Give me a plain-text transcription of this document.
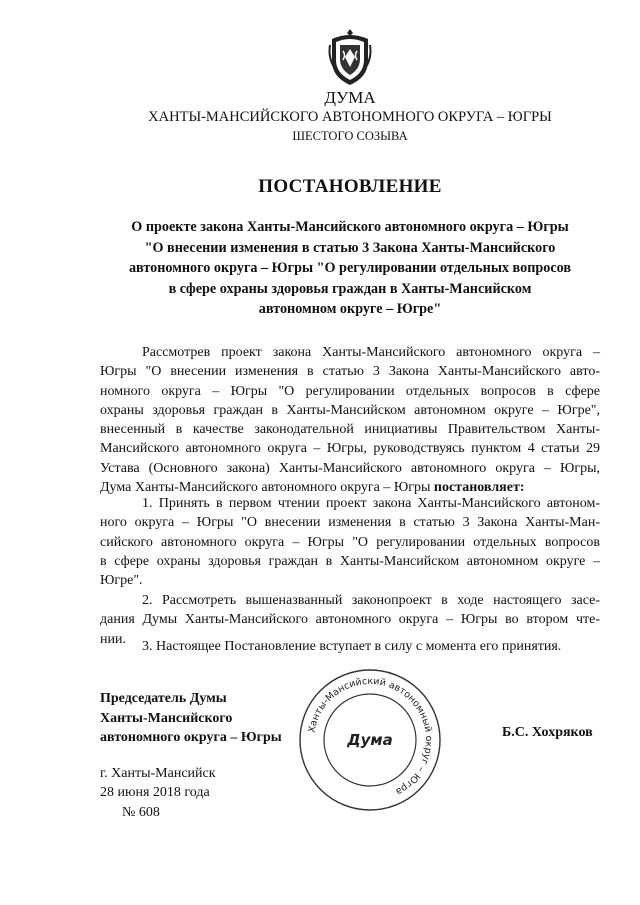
ДУМА
ХАНТЫ-МАНСИЙСКОГО АВТОНОМНОГО ОКРУГА – ЮГРЫ
ШЕСТОГО СОЗЫВА
ПОСТАНОВЛЕНИЕ
О проекте закона Ханты-Мансийского автономного округа – Югры
"О внесении изменения в статью 3 Закона Ханты-Мансийского
автономного округа – Югры "О регулировании отдельных вопросов
в сфере охраны здоровья граждан в Ханты-Мансийском
автономном округе – Югре"
Рассмотрев проект закона Ханты-Мансийского автономного округа –
Югры "О внесении изменения в статью 3 Закона Ханты-Мансийского авто-
номного округа – Югры "О регулировании отдельных вопросов в сфере
охраны здоровья граждан в Ханты-Мансийском автономном округе – Югре",
внесенный в качестве законодательной инициативы Правительством Ханты-
Мансийского автономного округа – Югры, руководствуясь пунктом 4 статьи 29
Устава (Основного закона) Ханты-Мансийского автономного округа – Югры,
Дума Ханты-Мансийского автономного округа – Югры постановляет:
1. Принять в первом чтении проект закона Ханты-Мансийского автоном-
ного округа – Югры "О внесении изменения в статью 3 Закона Ханты-Ман-
сийского автономного округа – Югры "О регулировании отдельных вопросов
в сфере охраны здоровья граждан в Ханты-Мансийском автономном округе –
Югре".
2. Рассмотреть вышеназванный законопроект в ходе настоящего засе-
дания Думы Ханты-Мансийского автономного округа – Югры во втором чте-
нии.	3. Настоящее Постановление вступает в силу с момента его принятия.
Председатель Думы
Ханты-Мансийского
автономного округа – Югры
Ханты-Мансийский автономный округ – Югра
Дума	Б.С. Хохряков
г. Ханты-Мансийск
28 июня 2018 года
№ 608
